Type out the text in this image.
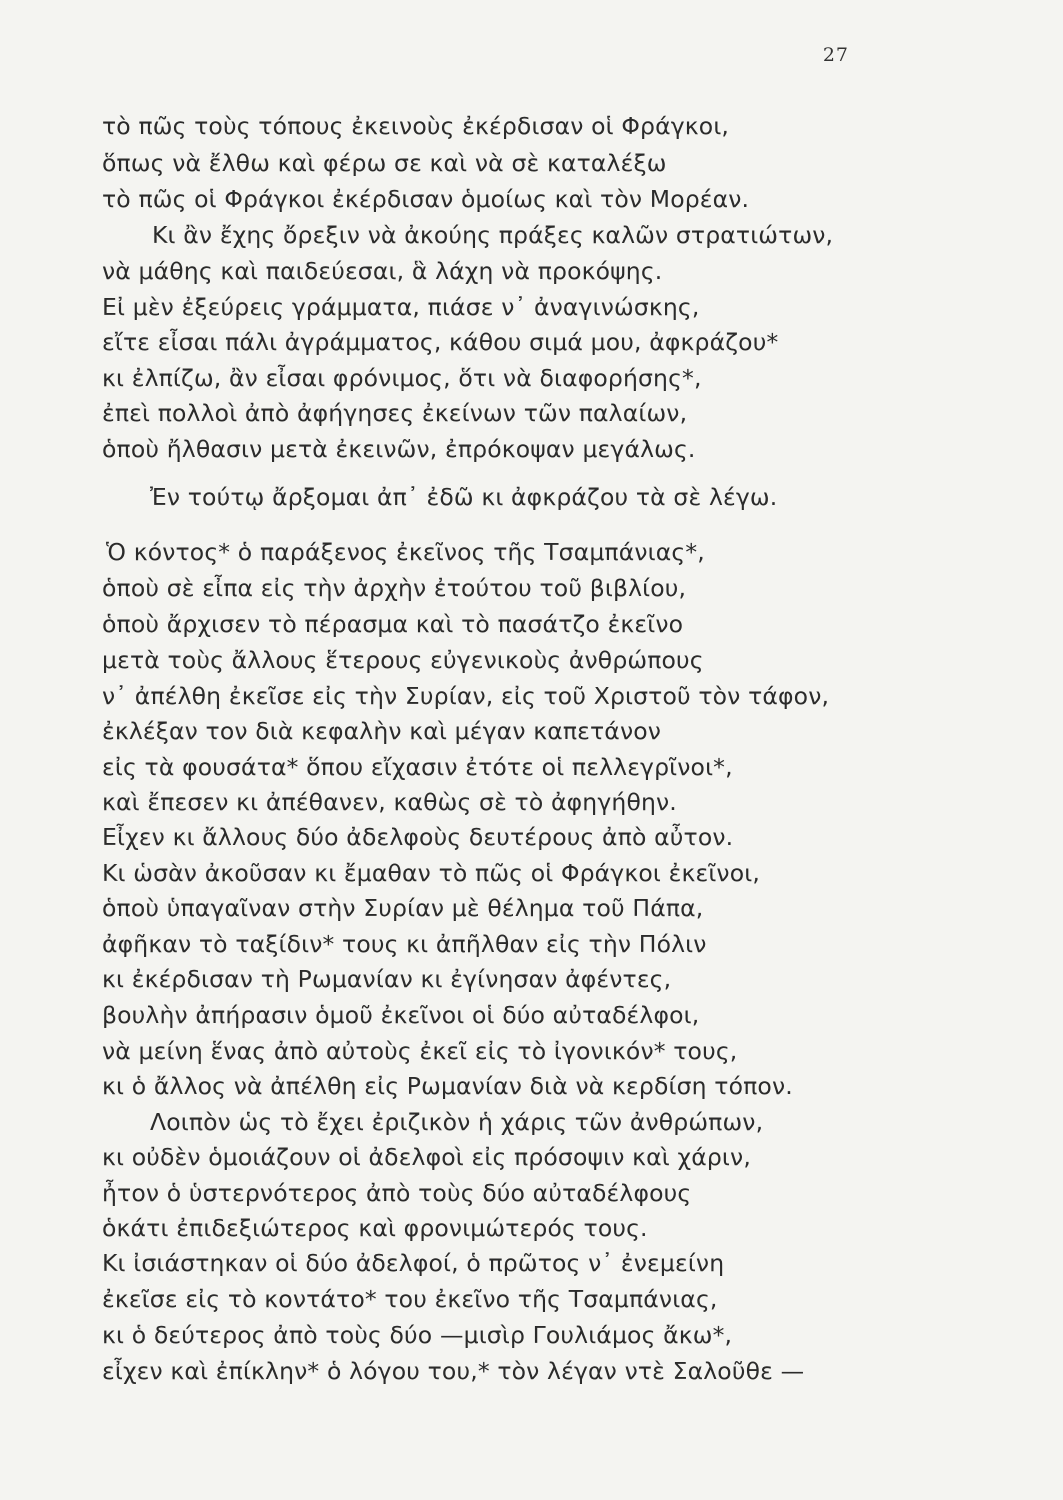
27
τὸ πῶς τοὺς τόπους ἐκεινοὺς ἐκέρδισαν οἱ Φράγκοι,
ὅπως νὰ ἔλθω καὶ φέρω σε καὶ νὰ σὲ καταλέξω
τὸ πῶς οἱ Φράγκοι ἐκέρδισαν ὁμοίως καὶ τὸν Μορέαν.
Κι ἂν ἔχης ὄρεξιν νὰ ἀκούης πράξες καλῶν στρατιώτων,
νὰ μάθης καὶ παιδεύεσαι, ἃ λάχη νὰ προκόψης.
Εἰ μὲν ἐξεύρεις γράμματα, πιάσε ν᾿ ἀναγινώσκης,
εἴτε εἶσαι πάλι ἀγράμματος, κάθου σιμά μου, ἀφκράζου*
κι ἐλπίζω, ἂν εἶσαι φρόνιμος, ὅτι νὰ διαφορήσης*,
ἐπεὶ πολλοὶ ἀπὸ ἀφήγησες ἐκείνων τῶν παλαίων,
ὁποὺ ἤλθασιν μετὰ ἐκεινῶν, ἐπρόκοψαν μεγάλως.
Ἐν τούτῳ ἄρξομαι ἀπ᾿ ἐδῶ κι ἀφκράζου τὰ σὲ λέγω.
Ὁ κόντος* ὁ παράξενος ἐκεῖνος τῆς Τσαμπάνιας*,
ὁποὺ σὲ εἶπα εἰς τὴν ἀρχὴν ἐτούτου τοῦ βιβλίου,
ὁποὺ ἄρχισεν τὸ πέρασμα καὶ τὸ πασάτζο ἐκεῖνο
μετὰ τοὺς ἄλλους ἕτερους εὐγενικοὺς ἀνθρώπους
ν᾿ ἀπέλθη ἐκεῖσε εἰς τὴν Συρίαν, εἰς τοῦ Χριστοῦ τὸν τάφον,
ἐκλέξαν τον διὰ κεφαλὴν καὶ μέγαν καπετάνον
εἰς τὰ φουσάτα* ὅπου εἴχασιν ἐτότε οἱ πελλεγρῖνοι*,
καὶ ἔπεσεν κι ἀπέθανεν, καθὼς σὲ τὸ ἀφηγήθην.
Εἶχεν κι ἄλλους δύο ἀδελφοὺς δευτέρους ἀπὸ αὖτον.
Κι ὡσὰν ἀκοῦσαν κι ἔμαθαν τὸ πῶς οἱ Φράγκοι ἐκεῖνοι,
ὁποὺ ὑπαγαῖναν στὴν Συρίαν μὲ θέλημα τοῦ Πάπα,
ἀφῆκαν τὸ ταξίδιν* τους κι ἀπῆλθαν εἰς τὴν Πόλιν
κι ἐκέρδισαν τὴ Ρωμανίαν κι ἐγίνησαν ἀφέντες,
βουλὴν ἀπήρασιν ὁμοῦ ἐκεῖνοι οἱ δύο αὐταδέλφοι,
νὰ μείνη ἕνας ἀπὸ αὐτοὺς ἐκεῖ εἰς τὸ ἰγονικόν* τους,
κι ὁ ἄλλος νὰ ἀπέλθη εἰς Ρωμανίαν διὰ νὰ κερδίση τόπον.
Λοιπὸν ὡς τὸ ἔχει ἐριζικὸν ἡ χάρις τῶν ἀνθρώπων,
κι οὐδὲν ὁμοιάζουν οἱ ἀδελφοὶ εἰς πρόσοψιν καὶ χάριν,
ἦτον ὁ ὑστερνότερος ἀπὸ τοὺς δύο αὐταδέλφους
ὁκάτι ἐπιδεξιώτερος καὶ φρονιμώτερός τους.
Κι ἰσιάστηκαν οἱ δύο ἀδελφοί, ὁ πρῶτος ν᾿ ἐνεμείνη
ἐκεῖσε εἰς τὸ κοντάτο* του ἐκεῖνο τῆς Τσαμπάνιας,
κι ὁ δεύτερος ἀπὸ τοὺς δύο —μισὶρ Γουλιάμος ἄκω*,
εἶχεν καὶ ἐπίκλην* ὁ λόγου του,* τὸν λέγαν ντὲ Σαλοῦθε —
